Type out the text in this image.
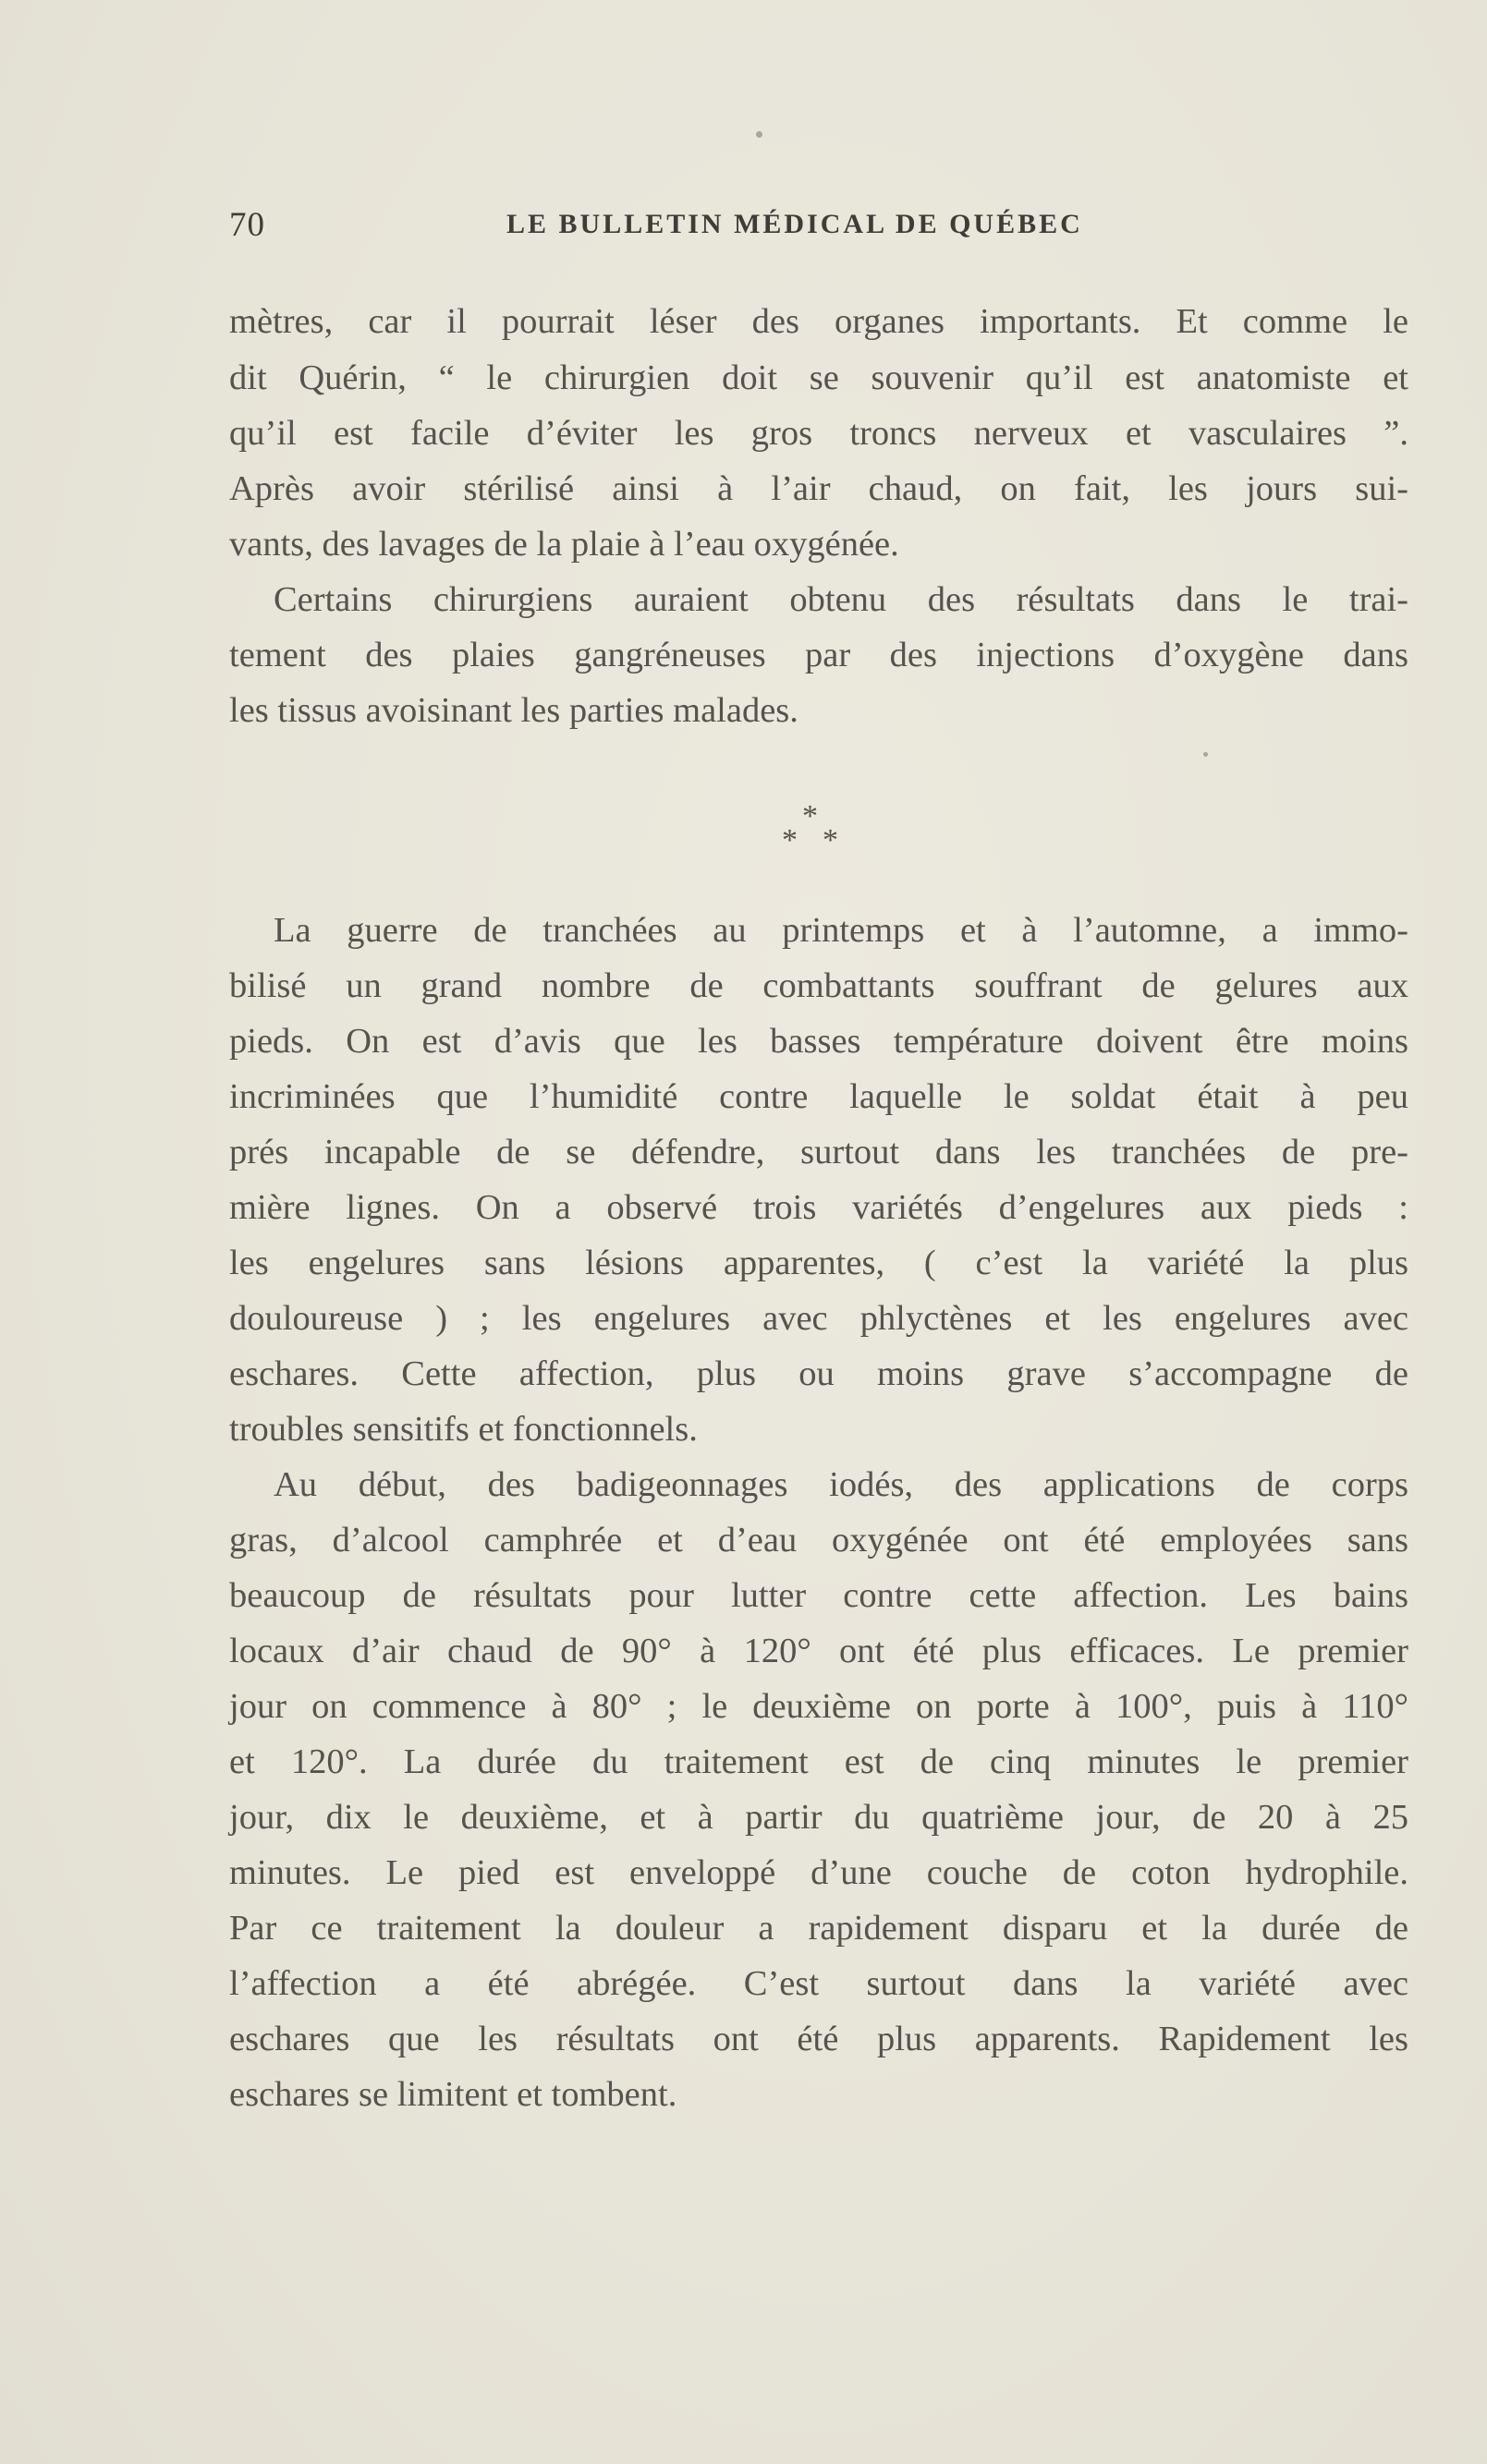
70	LE BULLETIN MÉDICAL DE QUÉBEC
mètres, car il pourrait léser des organes importants. Et comme le
dit Quérin, “ le chirurgien doit se souvenir qu’il est anatomiste et
qu’il est facile d’éviter les gros troncs nerveux et vasculaires ”.
Après avoir stérilisé ainsi à l’air chaud, on fait, les jours sui-
vants, des lavages de la plaie à l’eau oxygénée.
Certains chirurgiens auraient obtenu des résultats dans le trai-
tement des plaies gangréneuses par des injections d’oxygène dans
les tissus avoisinant les parties malades.
*
* *
La guerre de tranchées au printemps et à l’automne, a immo-
bilisé un grand nombre de combattants souffrant de gelures aux
pieds. On est d’avis que les basses température doivent être moins
incriminées que l’humidité contre laquelle le soldat était à peu
prés incapable de se défendre, surtout dans les tranchées de pre-
mière lignes. On a observé trois variétés d’engelures aux pieds :
les engelures sans lésions apparentes, ( c’est la variété la plus
douloureuse ) ; les engelures avec phlyctènes et les engelures avec
eschares. Cette affection, plus ou moins grave s’accompagne de
troubles sensitifs et fonctionnels.
Au début, des badigeonnages iodés, des applications de corps
gras, d’alcool camphrée et d’eau oxygénée ont été employées sans
beaucoup de résultats pour lutter contre cette affection. Les bains
locaux d’air chaud de 90° à 120° ont été plus efficaces. Le premier
jour on commence à 80° ; le deuxième on porte à 100°, puis à 110°
et 120°. La durée du traitement est de cinq minutes le premier
jour, dix le deuxième, et à partir du quatrième jour, de 20 à 25
minutes. Le pied est enveloppé d’une couche de coton hydrophile.
Par ce traitement la douleur a rapidement disparu et la durée de
l’affection a été abrégée. C’est surtout dans la variété avec
eschares que les résultats ont été plus apparents. Rapidement les
eschares se limitent et tombent.
